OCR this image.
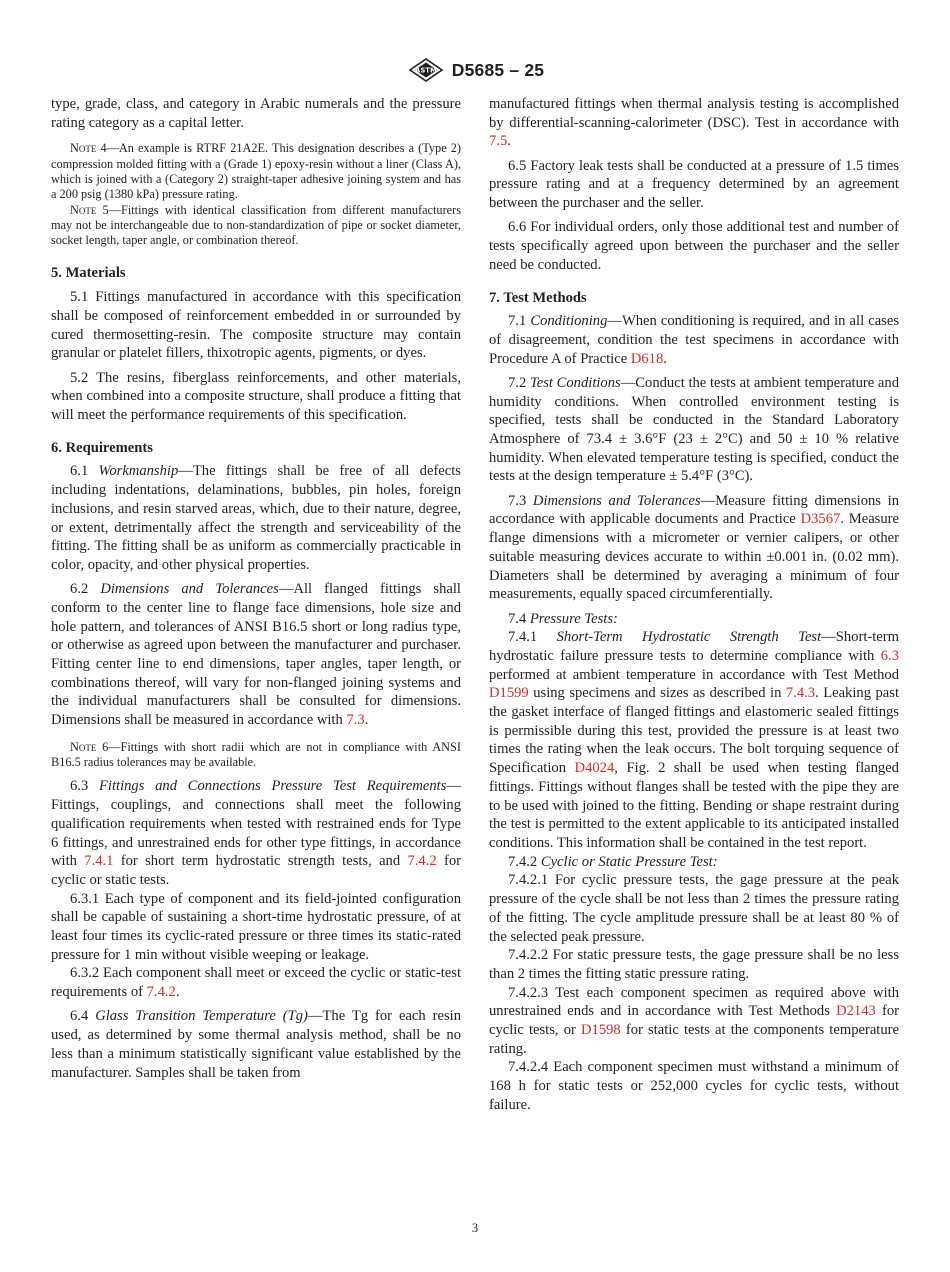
ASTM D5685 – 25

type, grade, class, and category in Arabic numerals and the pressure rating category as a capital letter.

Note 4—An example is RTRF 21A2E. This designation describes a (Type 2) compression molded fitting with a (Grade 1) epoxy-resin without a liner (Class A), which is joined with a (Category 2) straight-taper adhesive joining system and has a 200 psig (1380 kPa) pressure rating.

Note 5—Fittings with identical classification from different manufacturers may not be interchangeable due to non-standardization of pipe or socket diameter, socket length, taper angle, or combination thereof.

5. Materials

5.1 Fittings manufactured in accordance with this specification shall be composed of reinforcement embedded in or surrounded by cured thermosetting-resin. The composite structure may contain granular or platelet fillers, thixotropic agents, pigments, or dyes.

5.2 The resins, fiberglass reinforcements, and other materials, when combined into a composite structure, shall produce a fitting that will meet the performance requirements of this specification.

6. Requirements

6.1 Workmanship—The fittings shall be free of all defects including indentations, delaminations, bubbles, pin holes, foreign inclusions, and resin starved areas, which, due to their nature, degree, or extent, detrimentally affect the strength and serviceability of the fitting. The fitting shall be as uniform as commercially practicable in color, opacity, and other physical properties.

6.2 Dimensions and Tolerances—All flanged fittings shall conform to the center line to flange face dimensions, hole size and hole pattern, and tolerances of ANSI B16.5 short or long radius type, or otherwise as agreed upon between the manufacturer and purchaser. Fitting center line to end dimensions, taper angles, taper length, or combinations thereof, will vary for non-flanged joining systems and the individual manufacturers shall be consulted for dimensions. Dimensions shall be measured in accordance with 7.3.

Note 6—Fittings with short radii which are not in compliance with ANSI B16.5 radius tolerances may be available.

6.3 Fittings and Connections Pressure Test Requirements—Fittings, couplings, and connections shall meet the following qualification requirements when tested with restrained ends for Type 6 fittings, and unrestrained ends for other type fittings, in accordance with 7.4.1 for short term hydrostatic strength tests, and 7.4.2 for cyclic or static tests.

6.3.1 Each type of component and its field-jointed configuration shall be capable of sustaining a short-time hydrostatic pressure, of at least four times its cyclic-rated pressure or three times its static-rated pressure for 1 min without visible weeping or leakage.

6.3.2 Each component shall meet or exceed the cyclic or static-test requirements of 7.4.2.

6.4 Glass Transition Temperature (Tg)—The Tg for each resin used, as determined by some thermal analysis method, shall be no less than a minimum statistically significant value established by the manufacturer. Samples shall be taken from

manufactured fittings when thermal analysis testing is accomplished by differential-scanning-calorimeter (DSC). Test in accordance with 7.5.

6.5 Factory leak tests shall be conducted at a pressure of 1.5 times pressure rating and at a frequency determined by an agreement between the purchaser and the seller.

6.6 For individual orders, only those additional test and number of tests specifically agreed upon between the purchaser and the seller need be conducted.

7. Test Methods

7.1 Conditioning—When conditioning is required, and in all cases of disagreement, condition the test specimens in accordance with Procedure A of Practice D618.

7.2 Test Conditions—Conduct the tests at ambient temperature and humidity conditions. When controlled environment testing is specified, tests shall be conducted in the Standard Laboratory Atmosphere of 73.4 ± 3.6°F (23 ± 2°C) and 50 ± 10 % relative humidity. When elevated temperature testing is specified, conduct the tests at the design temperature ± 5.4°F (3°C).

7.3 Dimensions and Tolerances—Measure fitting dimensions in accordance with applicable documents and Practice D3567. Measure flange dimensions with a micrometer or vernier calipers, or other suitable measuring devices accurate to within ±0.001 in. (0.02 mm). Diameters shall be determined by averaging a minimum of four measurements, equally spaced circumferentially.

7.4 Pressure Tests:

7.4.1 Short-Term Hydrostatic Strength Test—Short-term hydrostatic failure pressure tests to determine compliance with 6.3 performed at ambient temperature in accordance with Test Method D1599 using specimens and sizes as described in 7.4.3. Leaking past the gasket interface of flanged fittings and elastomeric sealed fittings is permissible during this test, provided the pressure is at least two times the rating when the leak occurs. The bolt torquing sequence of Specification D4024, Fig. 2 shall be used when testing flanged fittings. Fittings without flanges shall be tested with the pipe they are to be used with joined to the fitting. Bending or shape restraint during the test is permitted to the extent applicable to its anticipated installed conditions. This information shall be contained in the test report.

7.4.2 Cyclic or Static Pressure Test:

7.4.2.1 For cyclic pressure tests, the gage pressure at the peak pressure of the cycle shall be not less than 2 times the pressure rating of the fitting. The cycle amplitude pressure shall be at least 80 % of the selected peak pressure.

7.4.2.2 For static pressure tests, the gage pressure shall be no less than 2 times the fitting static pressure rating.

7.4.2.3 Test each component specimen as required above with unrestrained ends and in accordance with Test Methods D2143 for cyclic tests, or D1598 for static tests at the components temperature rating.

7.4.2.4 Each component specimen must withstand a minimum of 168 h for static tests or 252,000 cycles for cyclic tests, without failure.

3
